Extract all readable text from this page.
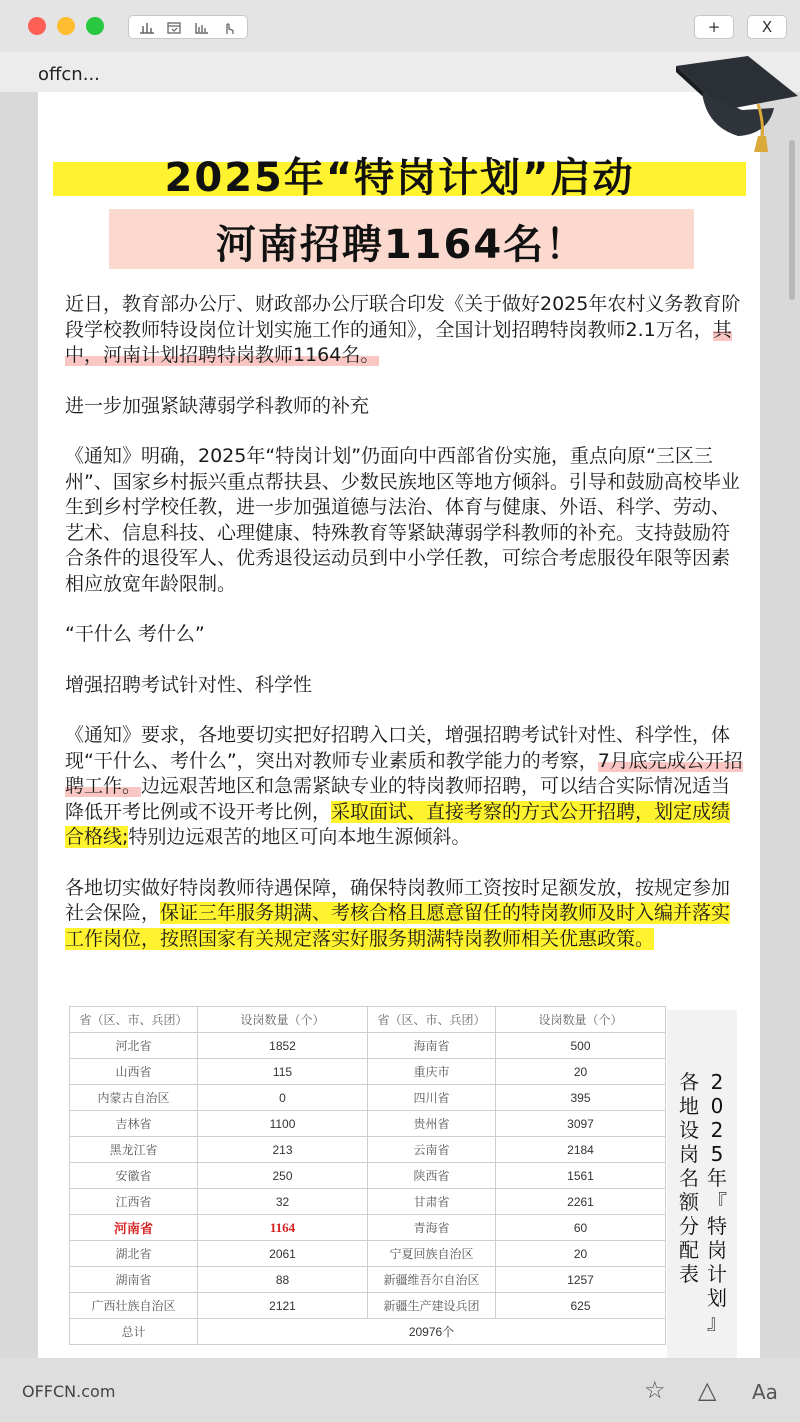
+	X
offcn...
2025年“特岗计划”启动
河南招聘1164名！
近日，教育部办公厅、财政部办公厅联合印发《关于做好2025年农村义务教育阶段学校教师特设岗位计划实施工作的通知》，全国计划招聘特岗教师2.1万名，其中，河南计划招聘特岗教师1164名。
进一步加强紧缺薄弱学科教师的补充
《通知》明确，2025年“特岗计划”仍面向中西部省份实施，重点向原“三区三州”、国家乡村振兴重点帮扶县、少数民族地区等地方倾斜。引导和鼓励高校毕业生到乡村学校任教，进一步加强道德与法治、体育与健康、外语、科学、劳动、艺术、信息科技、心理健康、特殊教育等紧缺薄弱学科教师的补充。支持鼓励符合条件的退役军人、优秀退役运动员到中小学任教，可综合考虑服役年限等因素相应放宽年龄限制。
“干什么 考什么”
增强招聘考试针对性、科学性
《通知》要求，各地要切实把好招聘入口关，增强招聘考试针对性、科学性，体现“干什么、考什么”，突出对教师专业素质和教学能力的考察，7月底完成公开招聘工作。边远艰苦地区和急需紧缺专业的特岗教师招聘，可以结合实际情况适当降低开考比例或不设开考比例，采取面试、直接考察的方式公开招聘，划定成绩合格线;特别边远艰苦的地区可向本地生源倾斜。
各地切实做好特岗教师待遇保障，确保特岗教师工资按时足额发放，按规定参加社会保险，保证三年服务期满、考核合格且愿意留任的特岗教师及时入编并落实工作岗位，按照国家有关规定落实好服务期满特岗教师相关优惠政策。
省（区、市、兵团）	设岗数量（个）	省（区、市、兵团）	设岗数量（个）
河北省	1852	海南省	500
山西省	115	重庆市	20
内蒙古自治区	0	四川省	395
吉林省	1100	贵州省	3097
黑龙江省	213	云南省	2184
安徽省	250	陕西省	1561
江西省	32	甘肃省	2261
河南省	1164	青海省	60
湖北省	2061	宁夏回族自治区	20
湖南省	88	新疆维吾尔自治区	1257
广西壮族自治区	2121	新疆生产建设兵团	625
总计	20976个		
2
0
2
5
年
『
特
岗
计
划
』
各
地
设
岗
名
额
分
配
表
OFFCN.com	☆ △ Aa
